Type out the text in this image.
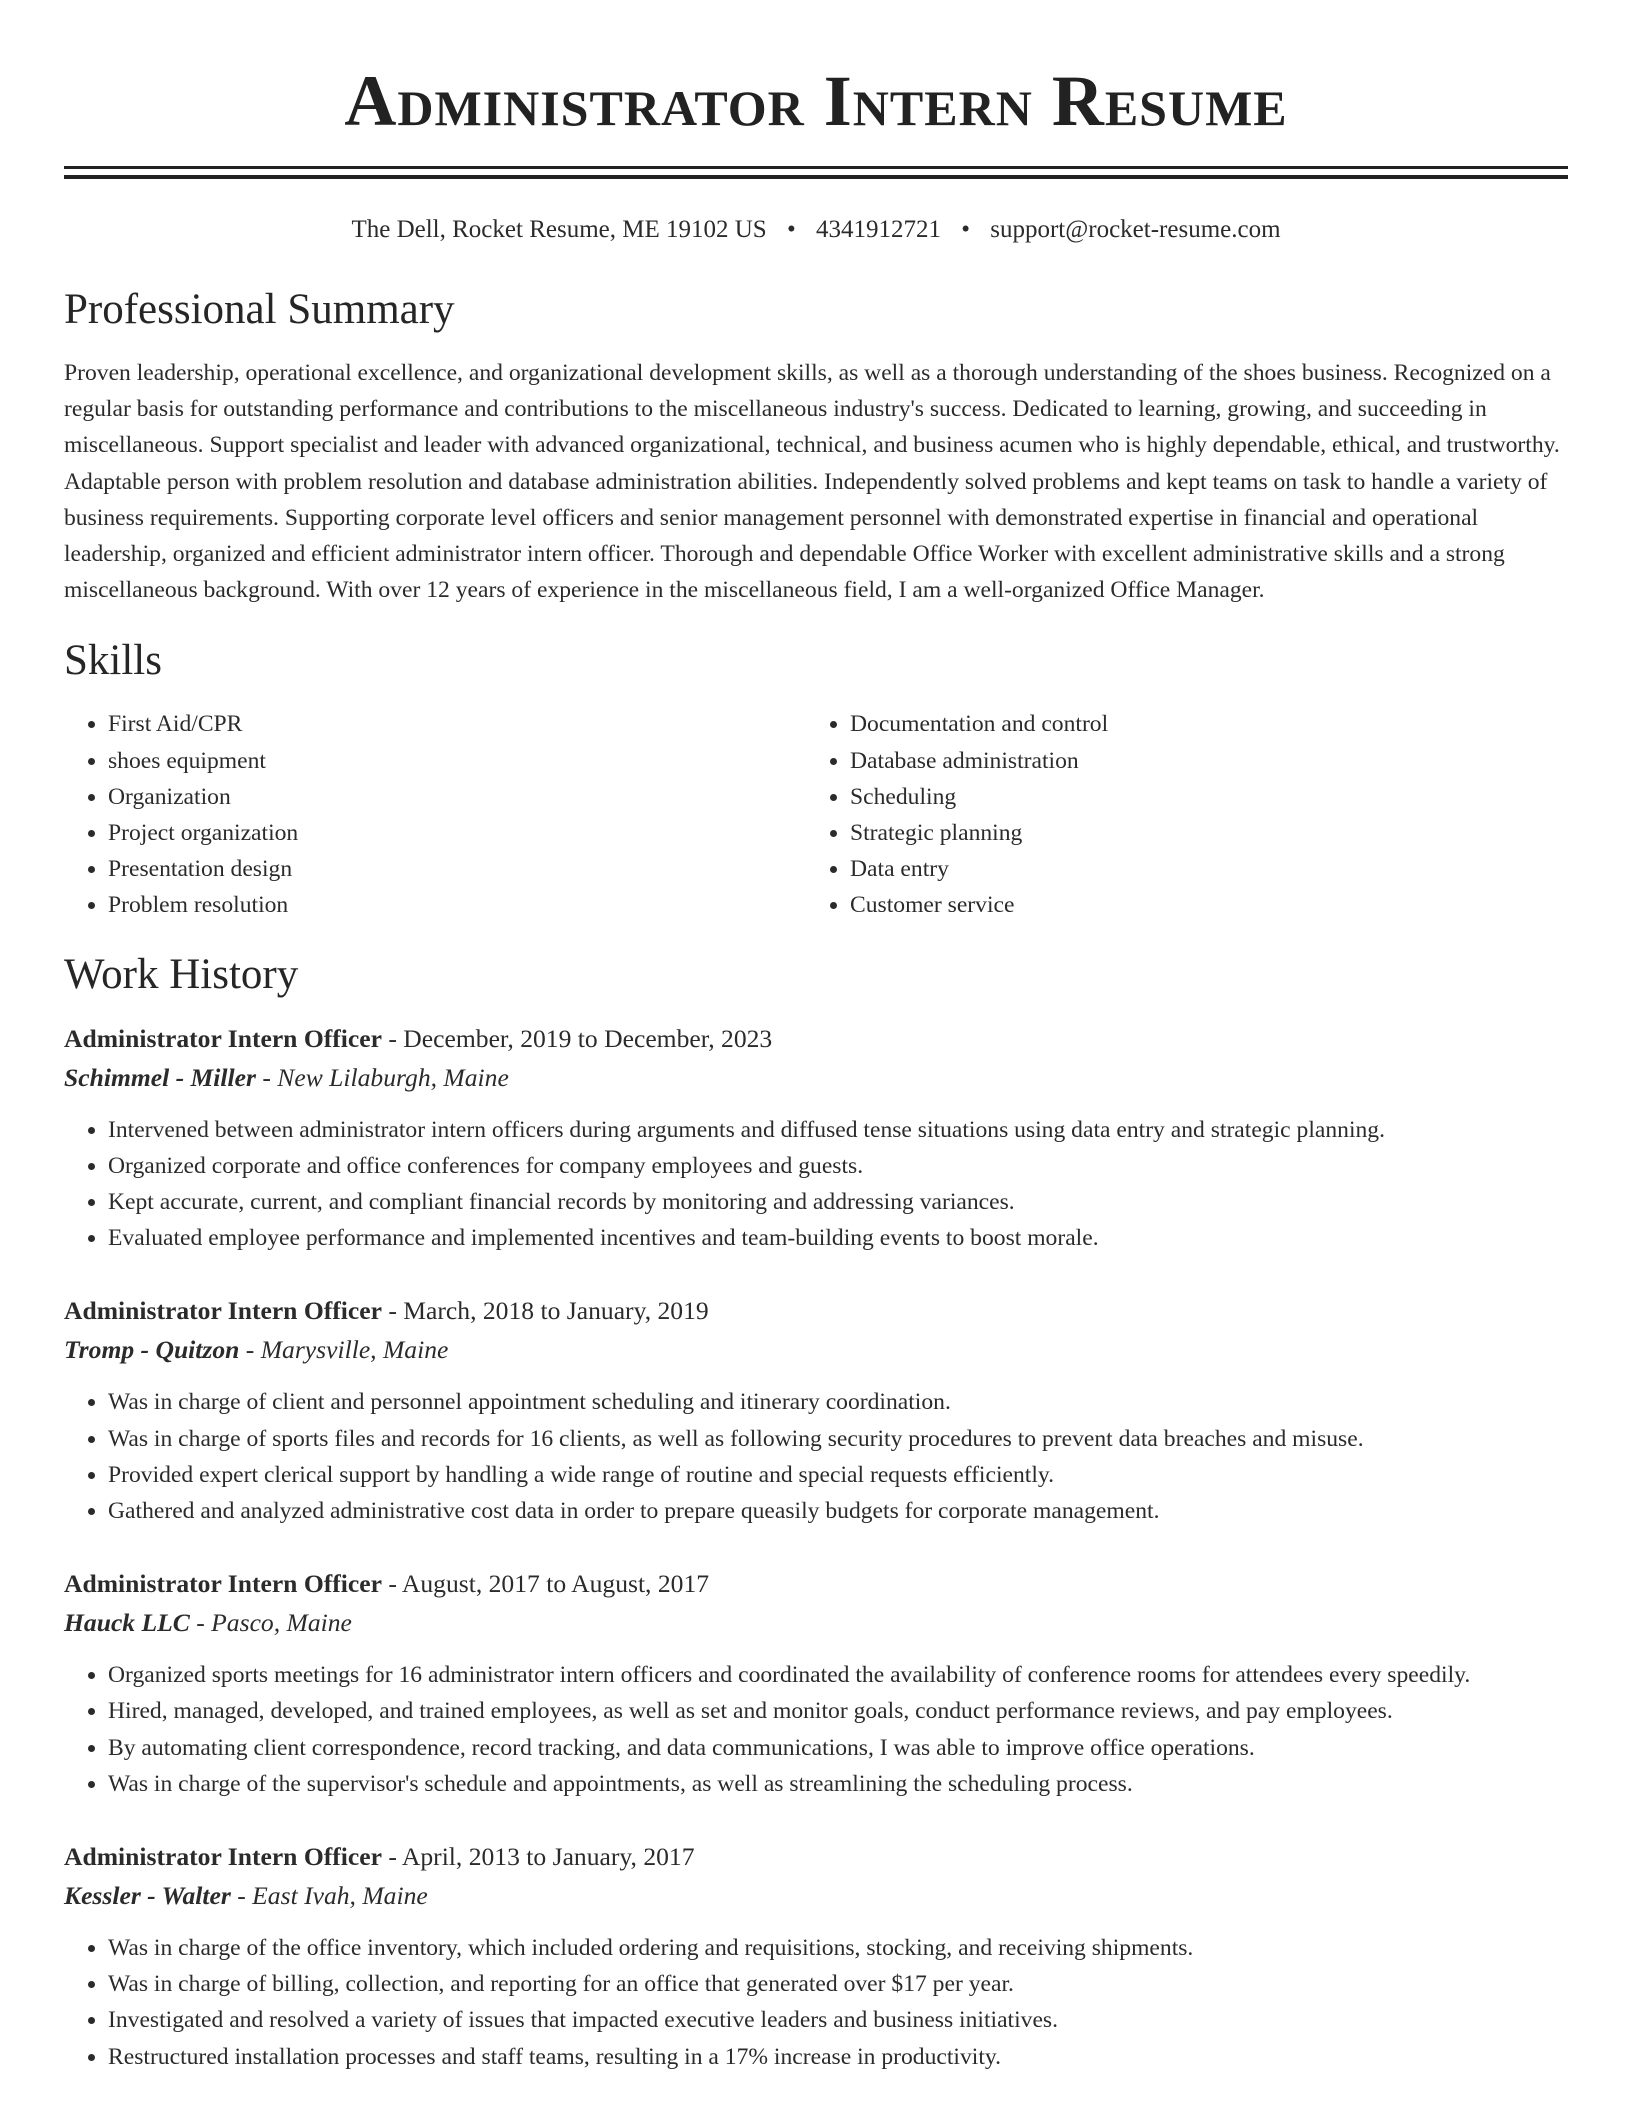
Administrator Intern Resume
The Dell, Rocket Resume, ME 19102 US • 4341912721 • support@rocket-resume.com
Professional Summary

Proven leadership, operational excellence, and organizational development skills, as well as a thorough understanding of the shoes business. Recognized on a regular basis for outstanding performance and contributions to the miscellaneous industry's success. Dedicated to learning, growing, and succeeding in miscellaneous. Support specialist and leader with advanced organizational, technical, and business acumen who is highly dependable, ethical, and trustworthy. Adaptable person with problem resolution and database administration abilities. Independently solved problems and kept teams on task to handle a variety of business requirements. Supporting corporate level officers and senior management personnel with demonstrated expertise in financial and operational leadership, organized and efficient administrator intern officer. Thorough and dependable Office Worker with excellent administrative skills and a strong miscellaneous background. With over 12 years of experience in the miscellaneous field, I am a well-organized Office Manager.

Skills
• First Aid/CPR
• shoes equipment
• Organization
• Project organization
• Presentation design
• Problem resolution
• Documentation and control
• Database administration
• Scheduling
• Strategic planning
• Data entry
• Customer service
Work History
Administrator Intern Officer - December, 2019 to December, 2023
Schimmel - Miller - New Lilaburgh, Maine
• Intervened between administrator intern officers during arguments and diffused tense situations using data entry and strategic planning.
• Organized corporate and office conferences for company employees and guests.
• Kept accurate, current, and compliant financial records by monitoring and addressing variances.
• Evaluated employee performance and implemented incentives and team-building events to boost morale.
Administrator Intern Officer - March, 2018 to January, 2019
Tromp - Quitzon - Marysville, Maine
• Was in charge of client and personnel appointment scheduling and itinerary coordination.
• Was in charge of sports files and records for 16 clients, as well as following security procedures to prevent data breaches and misuse.
• Provided expert clerical support by handling a wide range of routine and special requests efficiently.
• Gathered and analyzed administrative cost data in order to prepare queasily budgets for corporate management.
Administrator Intern Officer - August, 2017 to August, 2017
Hauck LLC - Pasco, Maine
• Organized sports meetings for 16 administrator intern officers and coordinated the availability of conference rooms for attendees every speedily.
• Hired, managed, developed, and trained employees, as well as set and monitor goals, conduct performance reviews, and pay employees.
• By automating client correspondence, record tracking, and data communications, I was able to improve office operations.
• Was in charge of the supervisor's schedule and appointments, as well as streamlining the scheduling process.
Administrator Intern Officer - April, 2013 to January, 2017
Kessler - Walter - East Ivah, Maine
• Was in charge of the office inventory, which included ordering and requisitions, stocking, and receiving shipments.
• Was in charge of billing, collection, and reporting for an office that generated over $17 per year.
• Investigated and resolved a variety of issues that impacted executive leaders and business initiatives.
• Restructured installation processes and staff teams, resulting in a 17% increase in productivity.
